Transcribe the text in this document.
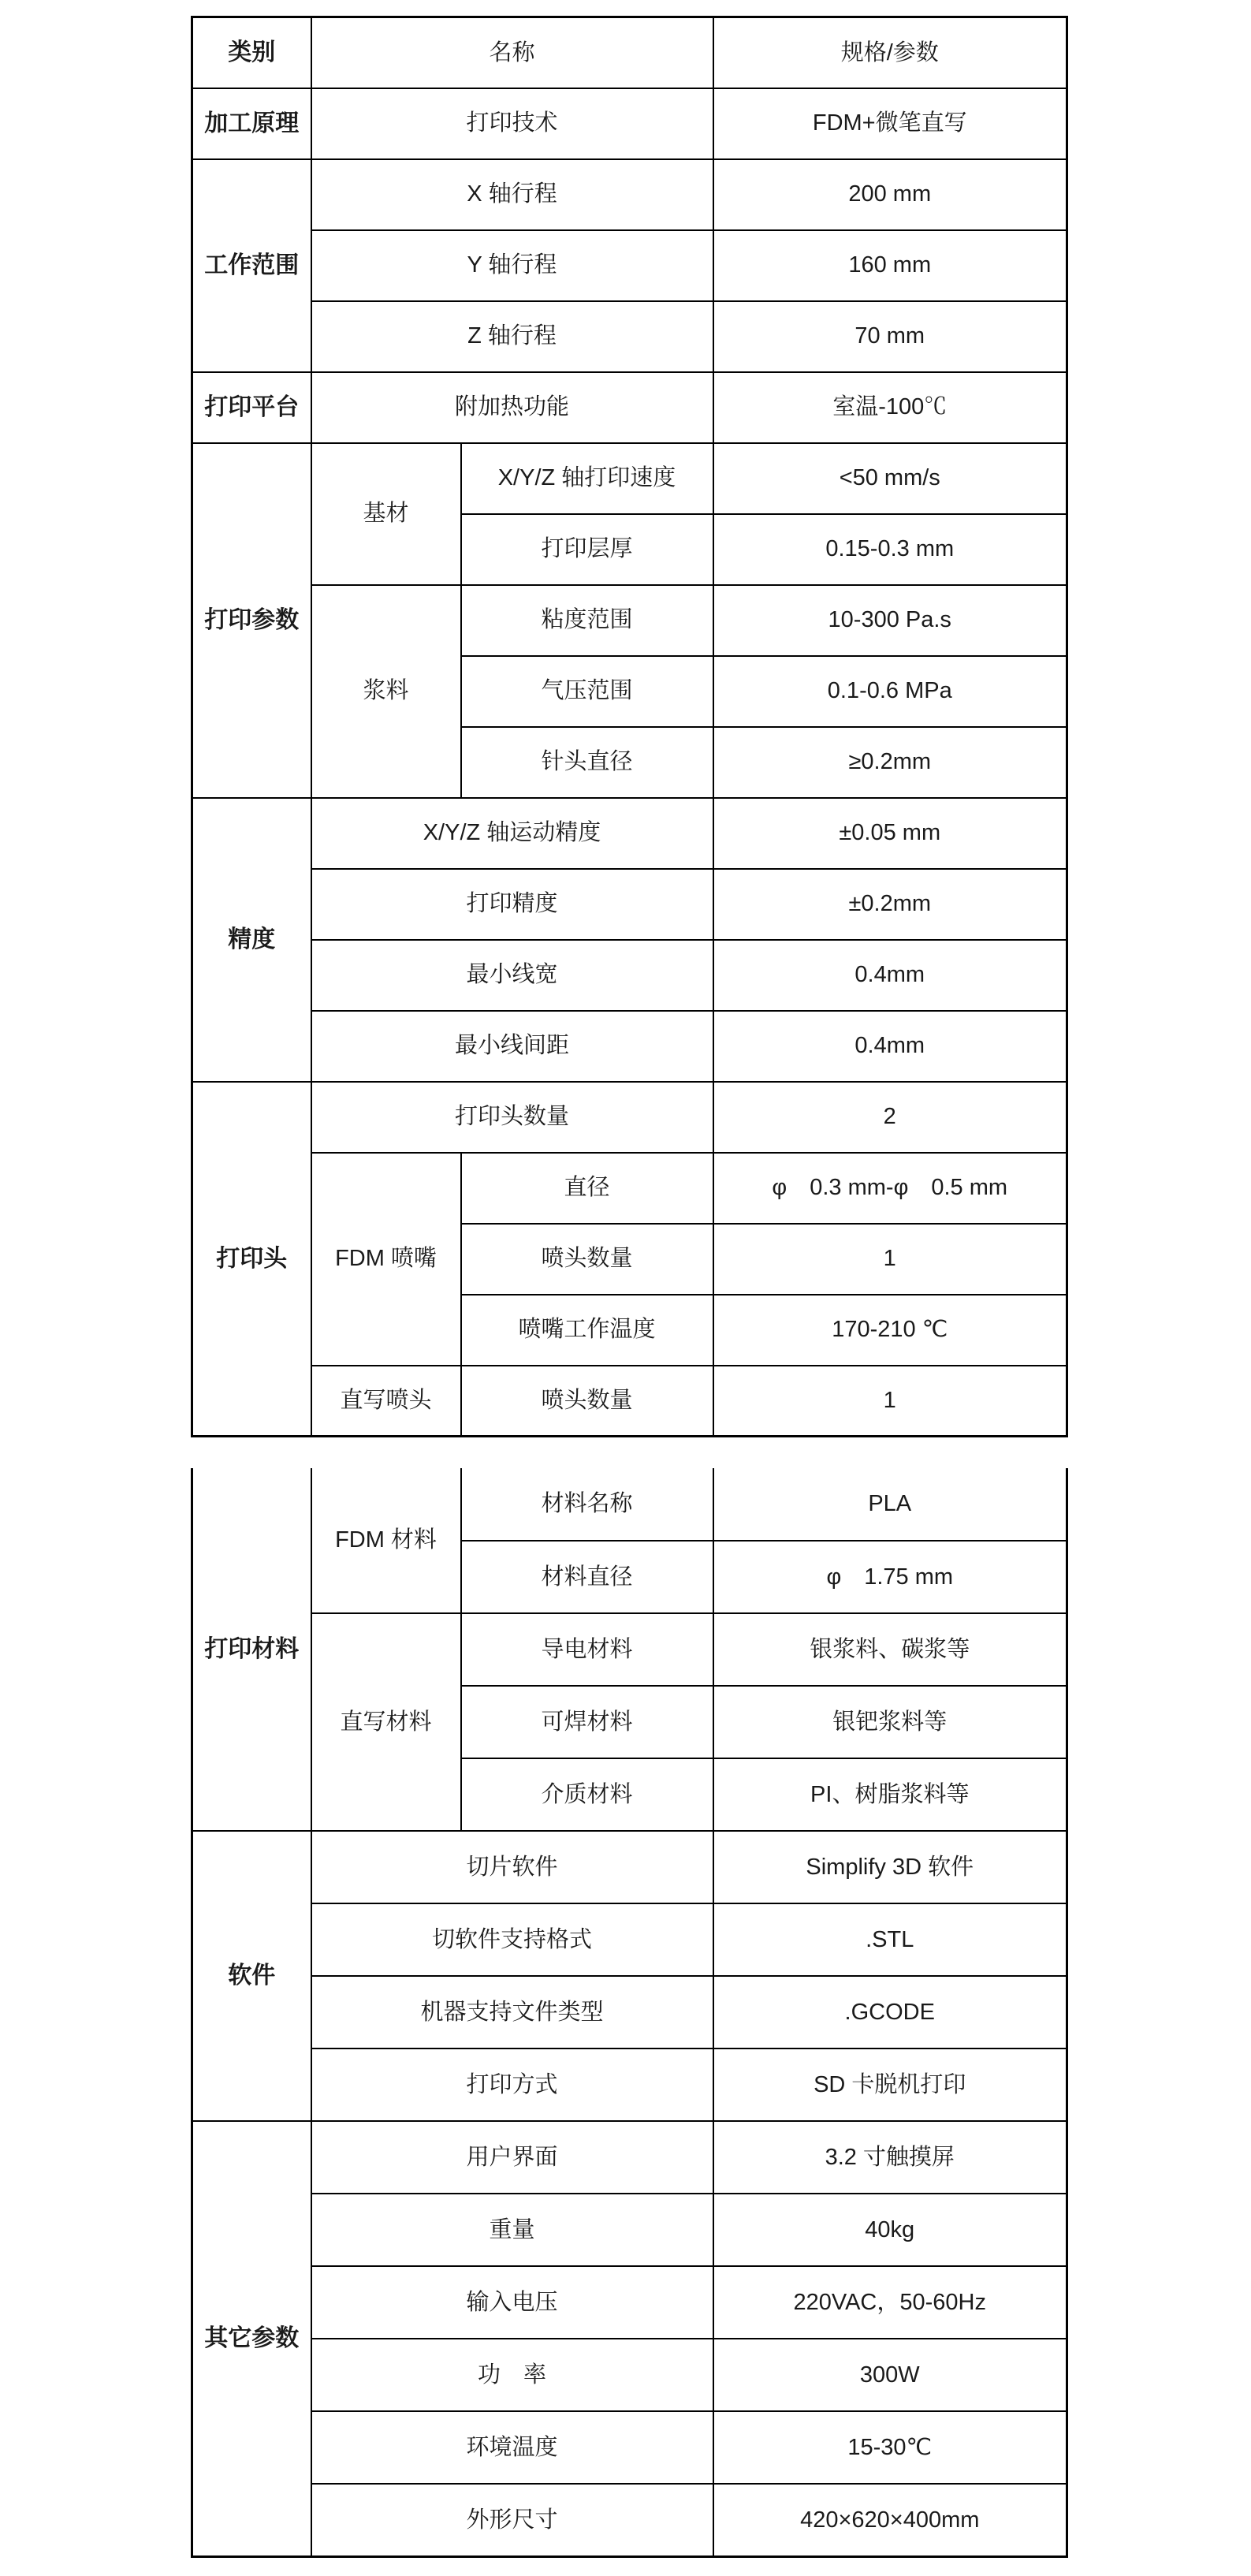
类别	名称		规格/参数
加工原理	打印技术		FDM+微笔直写
工作范围	X 轴行程		200 mm
	Y 轴行程		160 mm
	Z 轴行程		70 mm
打印平台	附加热功能		室温-100℃
打印参数	基材	X/Y/Z 轴打印速度	<50 mm/s
		打印层厚	0.15-0.3 mm
	浆料	粘度范围	10-300 Pa.s
		气压范围	0.1-0.6 MPa
		针头直径	≥0.2mm
精度	X/Y/Z 轴运动精度		±0.05 mm
	打印精度		±0.2mm
	最小线宽		0.4mm
	最小线间距		0.4mm
打印头	打印头数量		2
	FDM 喷嘴	直径	φ　0.3 mm-φ　0.5 mm
		喷头数量	1
		喷嘴工作温度	170-210 ℃
	直写喷头	喷头数量	1
打印材料	FDM 材料	材料名称	PLA
		材料直径	φ　1.75 mm
	直写材料	导电材料	银浆料、碳浆等
		可焊材料	银钯浆料等
		介质材料	PI、树脂浆料等
软件	切片软件		Simplify 3D 软件
	切软件支持格式		.STL
	机器支持文件类型		.GCODE
	打印方式		SD 卡脱机打印
其它参数	用户界面		3.2 寸触摸屏
	重量		40kg
	输入电压		220VAC，50-60Hz
	功　率		300W
	环境温度		15-30℃
	外形尺寸		420×620×400mm
